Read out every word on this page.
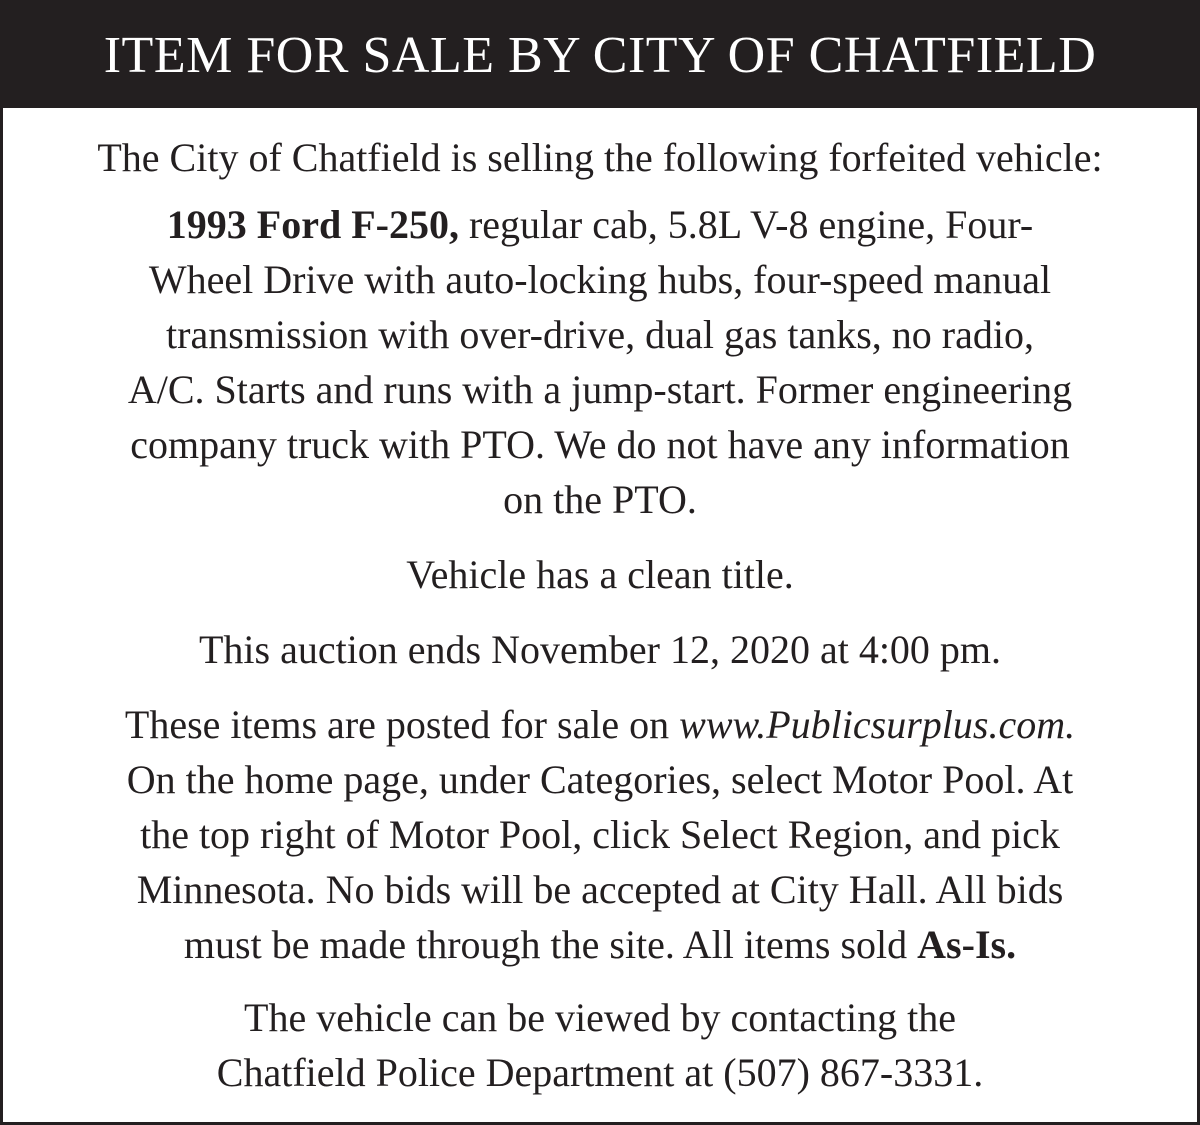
ITEM FOR SALE BY CITY OF CHATFIELD

The City of Chatfield is selling the following forfeited vehicle:

1993 Ford F-250, regular cab, 5.8L V-8 engine, Four-
Wheel Drive with auto-locking hubs, four-speed manual
transmission with over-drive, dual gas tanks, no radio,
A/C. Starts and runs with a jump-start. Former engineering
company truck with PTO. We do not have any information
on the PTO.

Vehicle has a clean title.

This auction ends November 12, 2020 at 4:00 pm.

These items are posted for sale on www.Publicsurplus.com.
On the home page, under Categories, select Motor Pool. At
the top right of Motor Pool, click Select Region, and pick
Minnesota. No bids will be accepted at City Hall. All bids
must be made through the site. All items sold As-Is.

The vehicle can be viewed by contacting the
Chatfield Police Department at (507) 867-3331.
